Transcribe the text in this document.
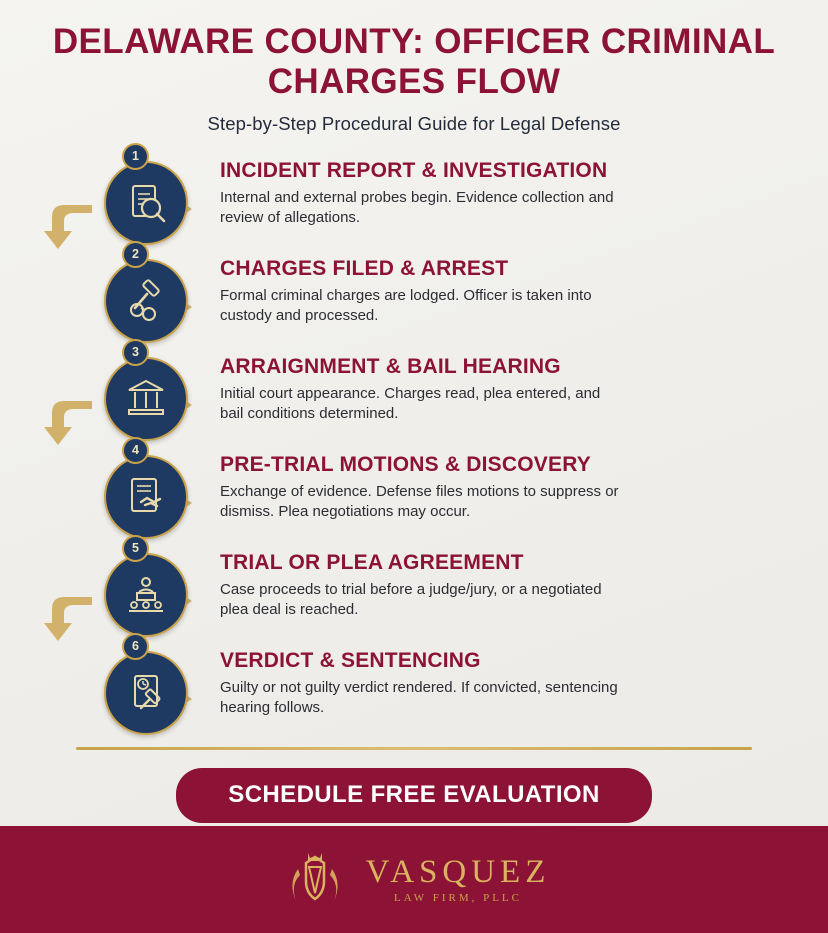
DELAWARE COUNTY: OFFICER CRIMINAL CHARGES FLOW
Step-by-Step Procedural Guide for Legal Defense
1
INCIDENT REPORT & INVESTIGATION
Internal and external probes begin. Evidence collection and review of allegations.
2
CHARGES FILED & ARREST
Formal criminal charges are lodged. Officer is taken into custody and processed.
3
ARRAIGNMENT & BAIL HEARING
Initial court appearance. Charges read, plea entered, and bail conditions determined.
4
PRE-TRIAL MOTIONS & DISCOVERY
Exchange of evidence. Defense files motions to suppress or dismiss. Plea negotiations may occur.
5
TRIAL OR PLEA AGREEMENT
Case proceeds to trial before a judge/jury, or a negotiated plea deal is reached.
6
VERDICT & SENTENCING
Guilty or not guilty verdict rendered. If convicted, sentencing hearing follows.
SCHEDULE FREE EVALUATION
VASQUEZ
LAW FIRM, PLLC
